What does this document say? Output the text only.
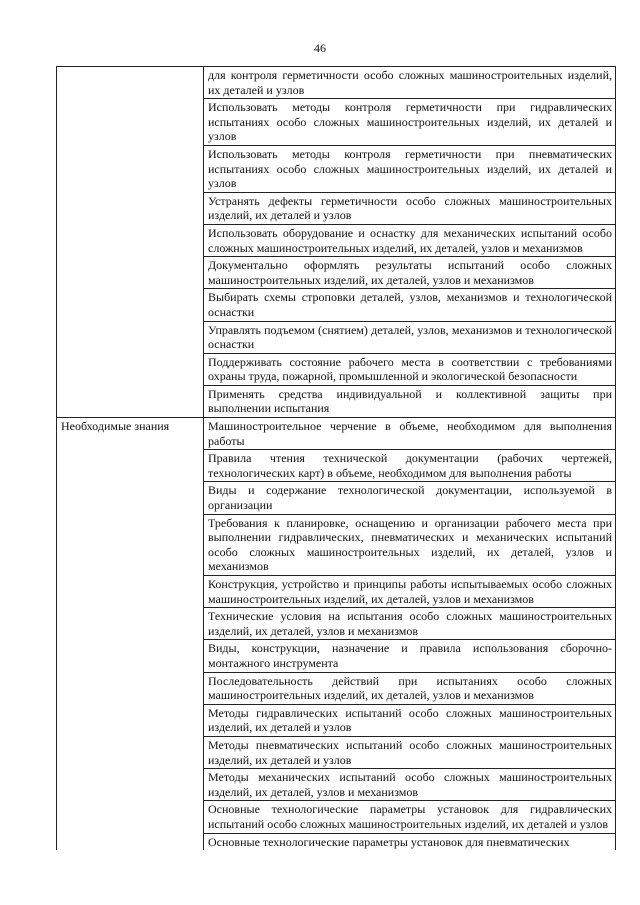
46
	для контроля герметичности особо сложных машиностроительных изделий, их деталей и узлов
	Использовать методы контроля герметичности при гидравлических испытаниях особо сложных машиностроительных изделий, их деталей и узлов
	Использовать методы контроля герметичности при пневматических испытаниях особо сложных машиностроительных изделий, их деталей и узлов
	Устранять дефекты герметичности особо сложных машиностроительных изделий, их деталей и узлов
	Использовать оборудование и оснастку для механических испытаний особо сложных машиностроительных изделий, их деталей, узлов и механизмов
	Документально оформлять результаты испытаний особо сложных машиностроительных изделий, их деталей, узлов и механизмов
	Выбирать схемы строповки деталей, узлов, механизмов и технологической оснастки
	Управлять подъемом (снятием) деталей, узлов, механизмов и технологической оснастки
	Поддерживать состояние рабочего места в соответствии с требованиями охраны труда, пожарной, промышленной и экологической безопасности
	Применять средства индивидуальной и коллективной защиты при выполнении испытания
Необходимые знания	Машиностроительное черчение в объеме, необходимом для выполнения работы
	Правила чтения технической документации (рабочих чертежей, технологических карт) в объеме, необходимом для выполнения работы
	Виды и содержание технологической документации, используемой в организации
	Требования к планировке, оснащению и организации рабочего места при выполнении гидравлических, пневматических и механических испытаний особо сложных машиностроительных изделий, их деталей, узлов и механизмов
	Конструкция, устройство и принципы работы испытываемых особо сложных машиностроительных изделий, их деталей, узлов и механизмов
	Технические условия на испытания особо сложных машиностроительных изделий, их деталей, узлов и механизмов
	Виды, конструкции, назначение и правила использования сборочно-монтажного инструмента
	Последовательность действий при испытаниях особо сложных машиностроительных изделий, их деталей, узлов и механизмов
	Методы гидравлических испытаний особо сложных машиностроительных изделий, их деталей и узлов
	Методы пневматических испытаний особо сложных машиностроительных изделий, их деталей и узлов
	Методы механических испытаний особо сложных машиностроительных изделий, их деталей, узлов и механизмов
	Основные технологические параметры установок для гидравлических испытаний особо сложных машиностроительных изделий, их деталей и узлов
	Основные технологические параметры установок для пневматических
